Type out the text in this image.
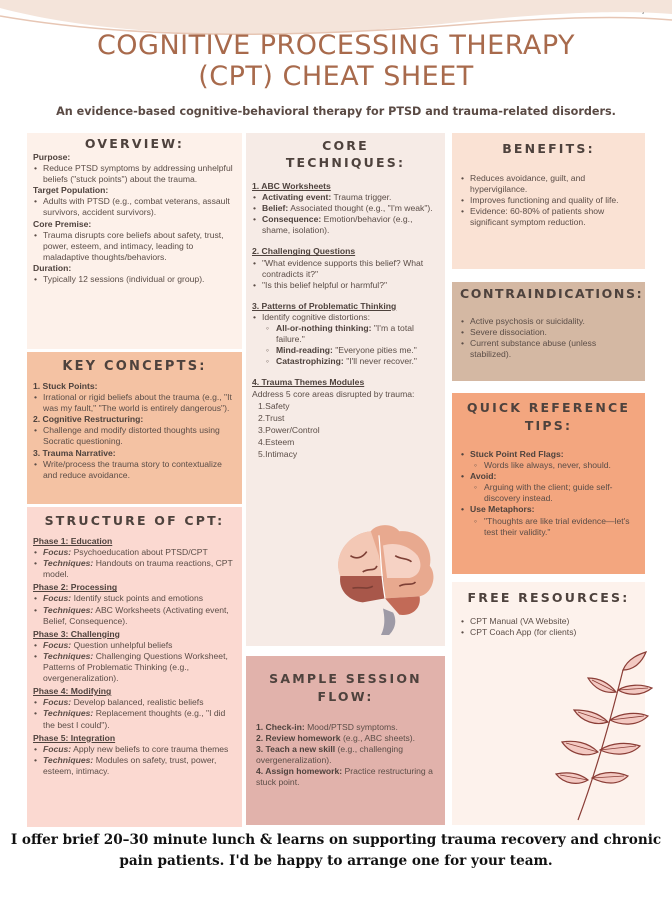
COGNITIVE PROCESSING THERAPY
(CPT) CHEAT SHEET
An evidence-based cognitive-behavioral therapy for PTSD and trauma-related disorders.
OVERVIEW:
Purpose:
• Reduce PTSD symptoms by addressing unhelpful beliefs ("stuck points") about the trauma.
Target Population:
• Adults with PTSD (e.g., combat veterans, assault survivors, accident survivors).
Core Premise:
• Trauma disrupts core beliefs about safety, trust, power, esteem, and intimacy, leading to maladaptive thoughts/behaviors.
Duration:
• Typically 12 sessions (individual or group).
KEY CONCEPTS:
1. Stuck Points:
• Irrational or rigid beliefs about the trauma (e.g., "It was my fault," "The world is entirely dangerous").
2. Cognitive Restructuring:
• Challenge and modify distorted thoughts using Socratic questioning.
3. Trauma Narrative:
• Write/process the trauma story to contextualize and reduce avoidance.
STRUCTURE OF CPT:
Phase 1: Education
• Focus: Psychoeducation about PTSD/CPT
• Techniques: Handouts on trauma reactions, CPT model.
Phase 2: Processing
• Focus: Identify stuck points and emotions
• Techniques: ABC Worksheets (Activating event, Belief, Consequence).
Phase 3: Challenging
• Focus: Question unhelpful beliefs
• Techniques: Challenging Questions Worksheet, Patterns of Problematic Thinking (e.g., overgeneralization).
Phase 4: Modifying
• Focus: Develop balanced, realistic beliefs
• Techniques: Replacement thoughts (e.g., "I did the best I could").
Phase 5: Integration
• Focus: Apply new beliefs to core trauma themes
• Techniques: Modules on safety, trust, power, esteem, intimacy.
CORE TECHNIQUES:
1. ABC Worksheets
• Activating event: Trauma trigger.
• Belief: Associated thought (e.g., "I'm weak").
• Consequence: Emotion/behavior (e.g., shame, isolation).
2. Challenging Questions
• "What evidence supports this belief? What contradicts it?"
• "Is this belief helpful or harmful?"
3. Patterns of Problematic Thinking
• Identify cognitive distortions:
◦ All-or-nothing thinking: "I'm a total failure."
◦ Mind-reading: "Everyone pities me."
◦ Catastrophizing: "I'll never recover."
4. Trauma Themes Modules
Address 5 core areas disrupted by trauma:
1.Safety
2.Trust
3.Power/Control
4.Esteem
5.Intimacy
SAMPLE SESSION FLOW:
1. Check-in: Mood/PTSD symptoms.
2. Review homework (e.g., ABC sheets).
3. Teach a new skill (e.g., challenging overgeneralization).
4. Assign homework: Practice restructuring a stuck point.
BENEFITS:
• Reduces avoidance, guilt, and hypervigilance.
• Improves functioning and quality of life.
• Evidence: 60-80% of patients show significant symptom reduction.
CONTRAINDICATIONS:
• Active psychosis or suicidality.
• Severe dissociation.
• Current substance abuse (unless stabilized).
QUICK REFERENCE TIPS:
• Stuck Point Red Flags:
◦ Words like always, never, should.
• Avoid:
◦ Arguing with the client; guide self-discovery instead.
• Use Metaphors:
◦ "Thoughts are like trial evidence—let's test their validity."
FREE RESOURCES:
• CPT Manual (VA Website)
• CPT Coach App (for clients)
I offer brief 20–30 minute lunch & learns on supporting trauma recovery and chronic
pain patients. I'd be happy to arrange one for your team.
